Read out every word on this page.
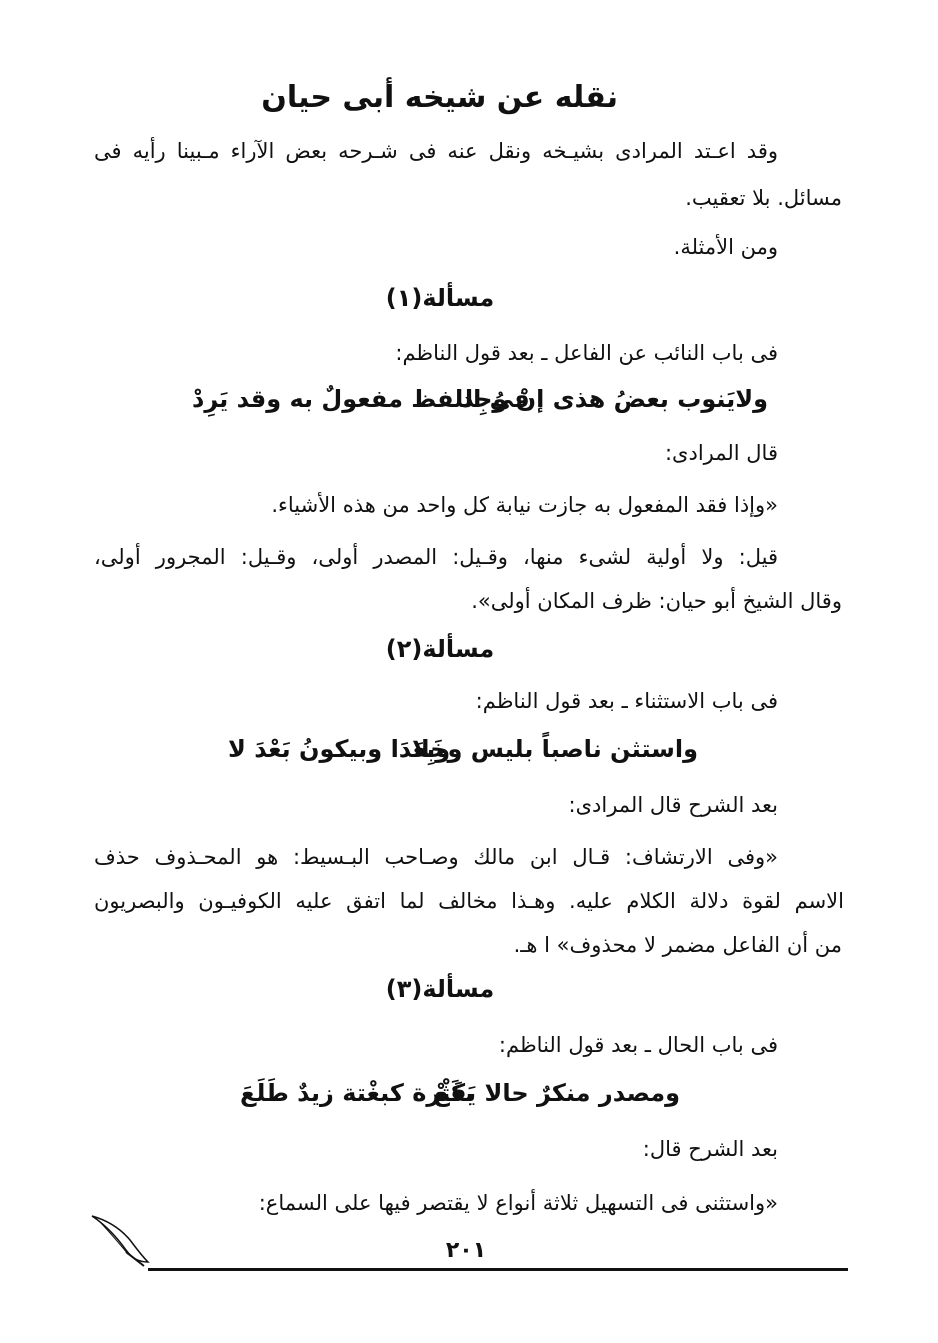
نقله عن شيخه أبى حيان
وقد اعـتد المرادى بشيـخه ونقل عنه فى شـرحه بعض الآراء مـبينا رأيه فى
مسائل. بلا تعقيب.
ومن الأمثلة.
مسألة(١)
فى باب النائب عن الفاعل ـ بعد قول الناظم:
ولايَنوب بعضُ هذى إنْ وُجِد
فى اللفظ مفعولٌ به وقد يَرِدْ
قال المرادى:
«وإذا فقد المفعول به جازت نيابة كل واحد من هذه الأشياء.
قيل: ولا أولية لشىء منها، وقـيل: المصدر أولى، وقـيل: المجرور أولى،
وقال الشيخ أبو حيان: ظرف المكان أولى».
مسألة(٢)
فى باب الاستثناء ـ بعد قول الناظم:
واستثن ناصباً بليس وخَلا
وبِعَدَا وبيكونُ بَعْدَ لا
بعد الشرح قال المرادى:
«وفى الارتشاف: قـال ابن مالك وصـاحب البـسيط: هو المحـذوف حذف
الاسم لقوة دلالة الكلام عليه. وهـذا مخالف لما اتفق عليه الكوفيـون والبصريون
من أن الفاعل مضمر لا محذوف» ا هـ.
مسألة(٣)
فى باب الحال ـ بعد قول الناظم:
ومصدر منكرٌ حالا يَقَعْ
بكَثْرة كبغْتة زيدٌ طَلَعَ
بعد الشرح قال:
«واستثنى فى التسهيل ثلاثة أنواع لا يقتصر فيها على السماع:
٢٠١
